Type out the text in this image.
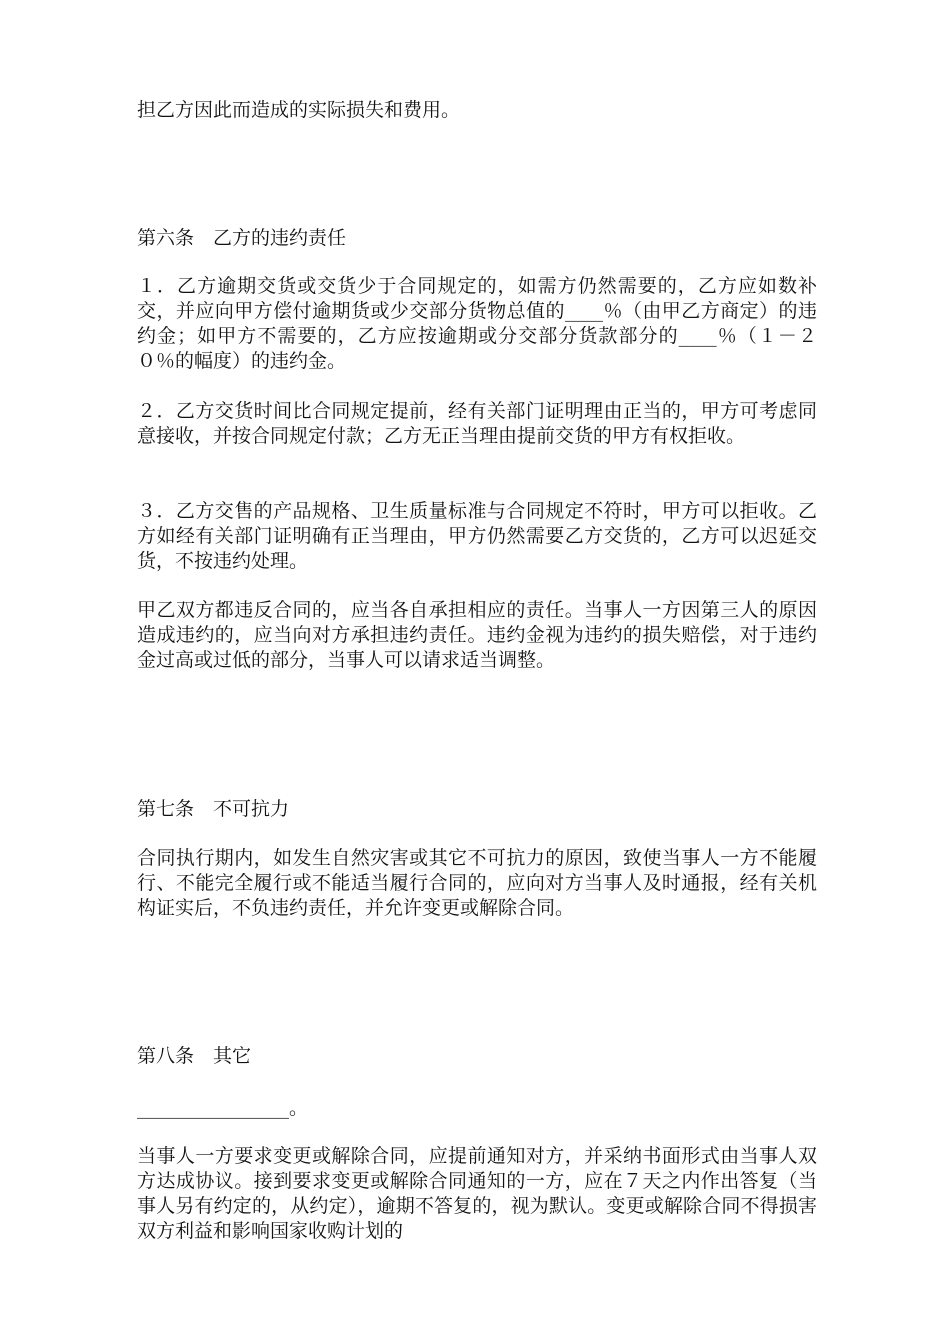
担乙方因此而造成的实际损失和费用。

第六条　乙方的违约责任

１．乙方逾期交货或交货少于合同规定的，如需方仍然需要的，乙方应如数补交，并应向甲方偿付逾期货或少交部分货物总值的____％（由甲乙方商定）的违约金；如甲方不需要的，乙方应按逾期或分交部分货款部分的____％（１－２０％的幅度）的违约金。

２．乙方交货时间比合同规定提前，经有关部门证明理由正当的，甲方可考虑同意接收，并按合同规定付款；乙方无正当理由提前交货的甲方有权拒收。

３．乙方交售的产品规格、卫生质量标准与合同规定不符时，甲方可以拒收。乙方如经有关部门证明确有正当理由，甲方仍然需要乙方交货的，乙方可以迟延交货，不按违约处理。

甲乙双方都违反合同的，应当各自承担相应的责任。当事人一方因第三人的原因造成违约的，应当向对方承担违约责任。违约金视为违约的损失赔偿，对于违约金过高或过低的部分，当事人可以请求适当调整。

第七条　不可抗力

合同执行期内，如发生自然灾害或其它不可抗力的原因，致使当事人一方不能履行、不能完全履行或不能适当履行合同的，应向对方当事人及时通报，经有关机构证实后，不负违约责任，并允许变更或解除合同。

第八条　其它

________________。

当事人一方要求变更或解除合同，应提前通知对方，并采纳书面形式由当事人双方达成协议。接到要求变更或解除合同通知的一方，应在７天之内作出答复（当事人另有约定的，从约定），逾期不答复的，视为默认。变更或解除合同不得损害双方利益和影响国家收购计划的
